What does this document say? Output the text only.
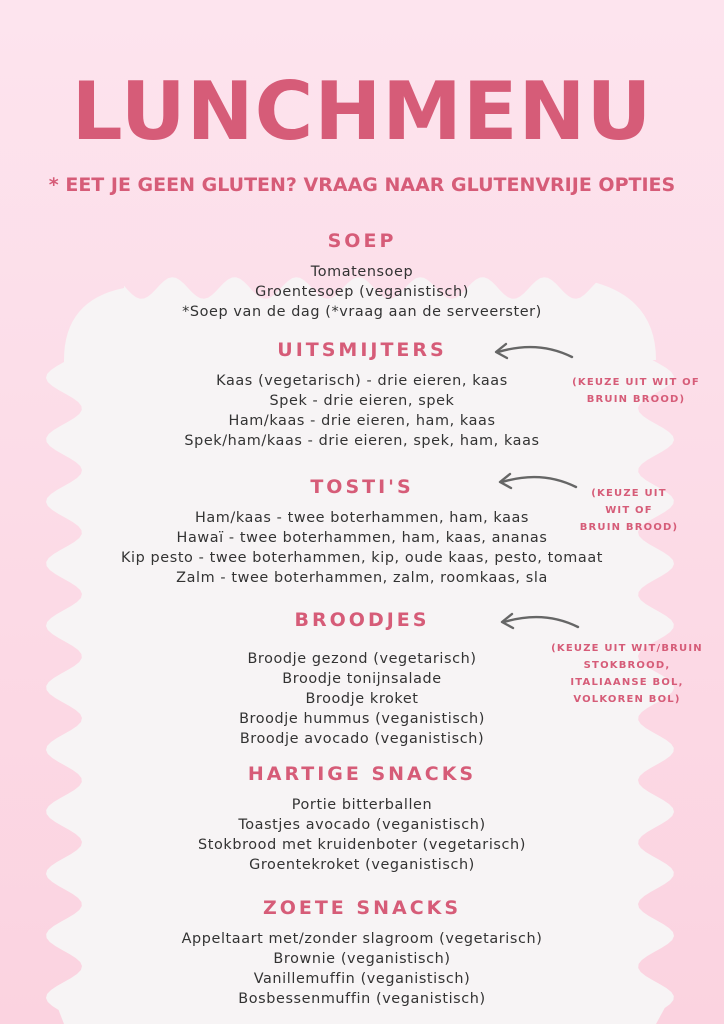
LUNCHMENU
* EET JE GEEN GLUTEN? VRAAG NAAR GLUTENVRIJE OPTIES
SOEP
Tomatensoep
Groentesoep (veganistisch)
*Soep van de dag (*vraag aan de serveerster)
UITSMIJTERS
Kaas (vegetarisch) - drie eieren, kaas
Spek - drie eieren, spek
Ham/kaas - drie eieren, ham, kaas
Spek/ham/kaas - drie eieren, spek, ham, kaas
TOSTI'S
Ham/kaas - twee boterhammen, ham, kaas
Hawaï - twee boterhammen, ham, kaas, ananas
Kip pesto - twee boterhammen, kip, oude kaas, pesto, tomaat
Zalm - twee boterhammen, zalm, roomkaas, sla
BROODJES
Broodje gezond (vegetarisch)
Broodje tonijnsalade
Broodje kroket
Broodje hummus (veganistisch)
Broodje avocado (veganistisch)
HARTIGE SNACKS
Portie bitterballen
Toastjes avocado (veganistisch)
Stokbrood met kruidenboter (vegetarisch)
Groentekroket (veganistisch)
ZOETE SNACKS
Appeltaart met/zonder slagroom (vegetarisch)
Brownie (veganistisch)
Vanillemuffin (veganistisch)
Bosbessenmuffin (veganistisch)
(KEUZE UIT WIT OF
BRUIN BROOD)
(KEUZE UIT
WIT OF
BRUIN BROOD)
(KEUZE UIT WIT/BRUIN
STOKBROOD,
ITALIAANSE BOL,
VOLKOREN BOL)
